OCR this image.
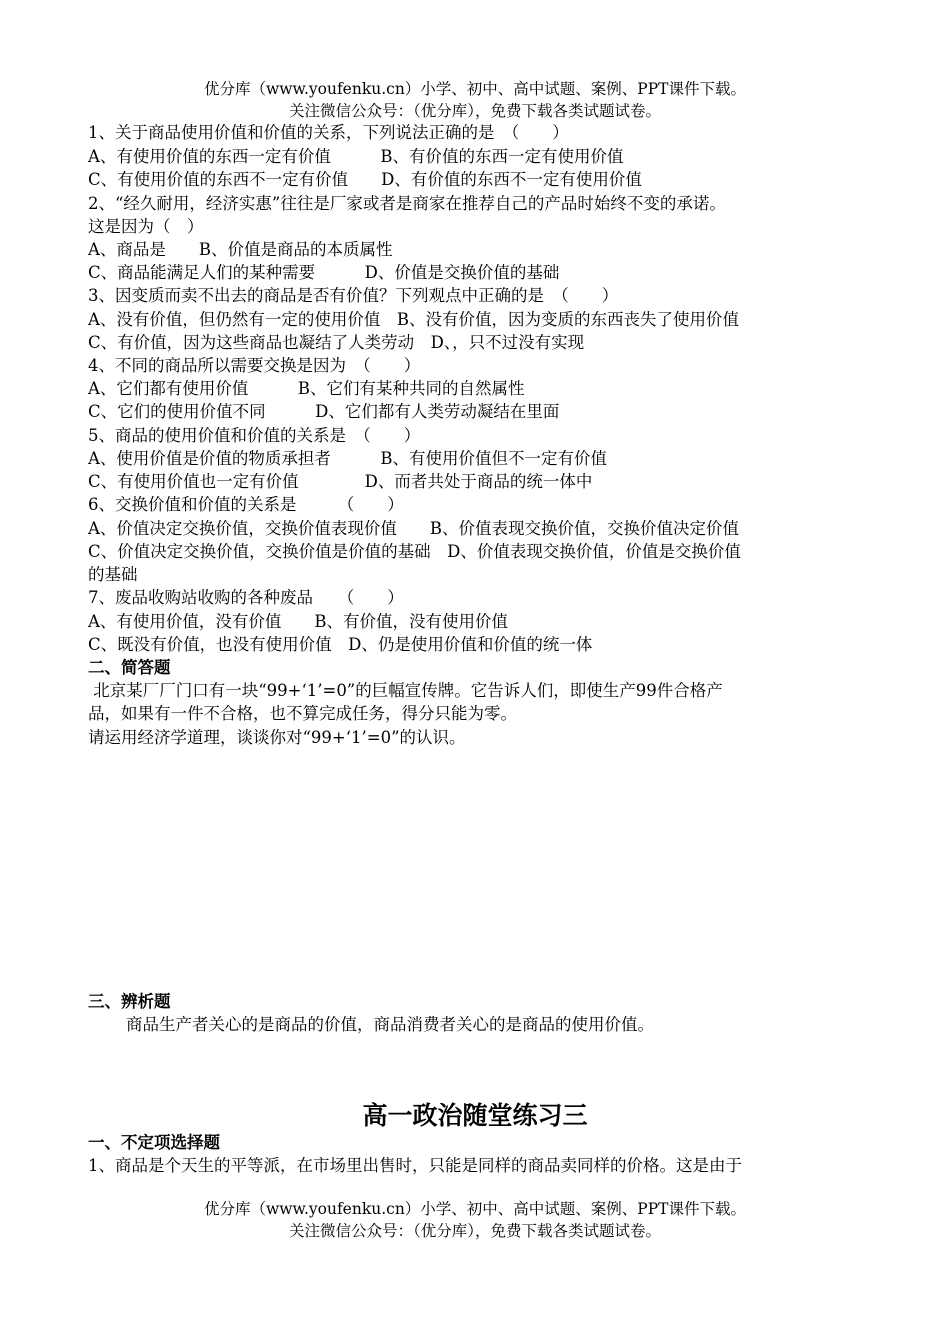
优分库（www.youfenku.cn）小学、初中、高中试题、案例、PPT课件下载。

关注微信公众号：（优分库），免费下载各类试题试卷。

1、关于商品使用价值和价值的关系，下列说法正确的是　（　　）

A、有使用价值的东西一定有价值　　　B、有价值的东西一定有使用价值

C、有使用价值的东西不一定有价值　　D、有价值的东西不一定有使用价值

2、“经久耐用，经济实惠”往往是厂家或者是商家在推荐自己的产品时始终不变的承诺。

这是因为（　）

A、商品是　　B、价值是商品的本质属性

C、商品能满足人们的某种需要　　　D、价值是交换价值的基础

3、因变质而卖不出去的商品是否有价值？下列观点中正确的是　（　　）

A、没有价值，但仍然有一定的使用价值　B、没有价值，因为变质的东西丧失了使用价值

C、有价值，因为这些商品也凝结了人类劳动　D、，只不过没有实现

4、不同的商品所以需要交换是因为　（　　）

A、它们都有使用价值　　　B、它们有某种共同的自然属性

C、它们的使用价值不同　　　D、它们都有人类劳动凝结在里面

5、商品的使用价值和价值的关系是　（　　）

A、使用价值是价值的物质承担者　　　B、有使用价值但不一定有价值

C、有使用价值也一定有价值　　　　D、而者共处于商品的统一体中

6、交换价值和价值的关系是　　　（　　）

A、价值决定交换价值，交换价值表现价值　　B、价值表现交换价值，交换价值决定价值

C、价值决定交换价值，交换价值是价值的基础　D、价值表现交换价值，价值是交换价值

的基础

7、废品收购站收购的各种废品　　（　　）

A、有使用价值，没有价值　　B、有价值，没有使用价值

C、既没有价值，也没有使用价值　D、仍是使用价值和价值的统一体

二、简答题

北京某厂厂门口有一块“99+‘1’=0”的巨幅宣传牌。它告诉人们，即使生产99件合格产

品，如果有一件不合格，也不算完成任务，得分只能为零。

请运用经济学道理，谈谈你对“99+‘1’=0”的认识。

三、辨析题

商品生产者关心的是商品的价值，商品消费者关心的是商品的使用价值。

高一政治随堂练习三

一、不定项选择题

1、商品是个天生的平等派，在市场里出售时，只能是同样的商品卖同样的价格。这是由于

优分库（www.youfenku.cn）小学、初中、高中试题、案例、PPT课件下载。

关注微信公众号：（优分库），免费下载各类试题试卷。
